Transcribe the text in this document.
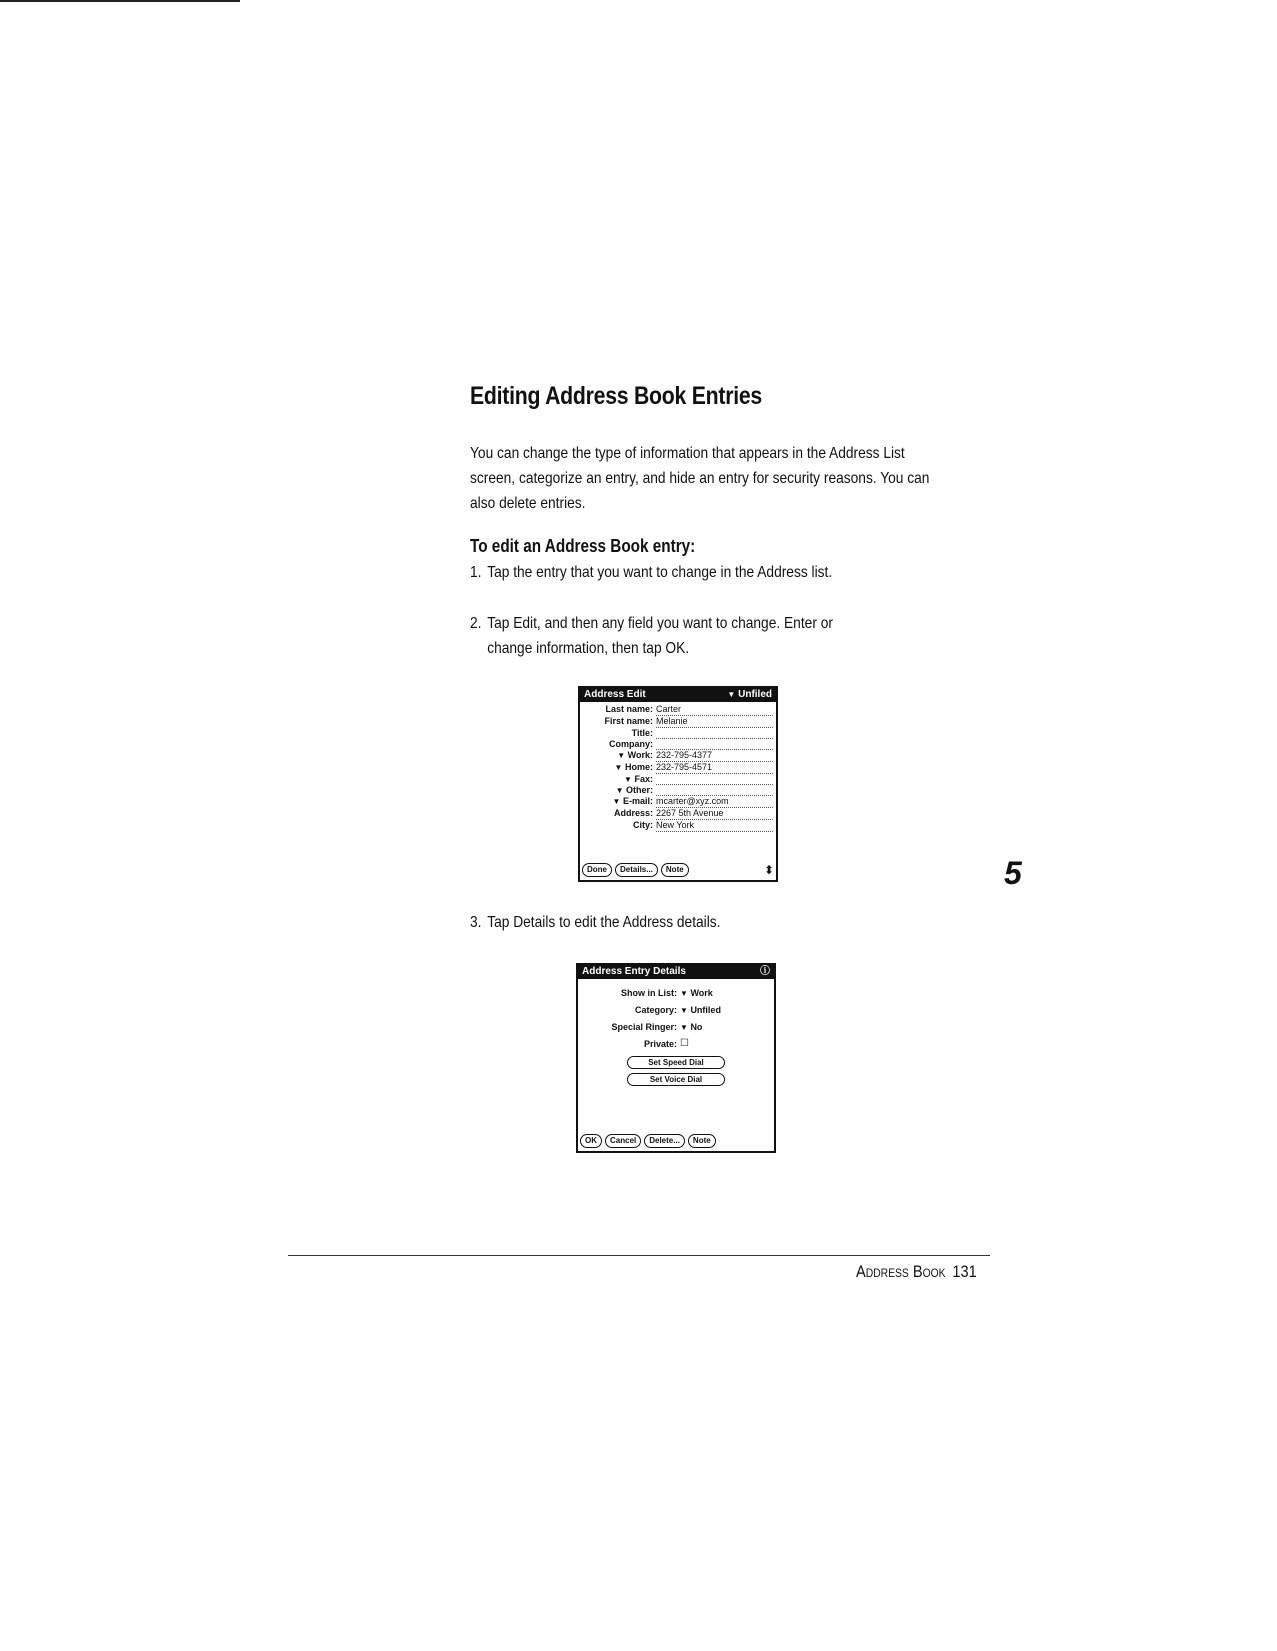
Editing Address Book Entries

You can change the type of information that appears in the Address List screen, categorize an entry, and hide an entry for security reasons. You can also delete entries.

To edit an Address Book entry:

1. Tap the entry that you want to change in the Address list.

2. Tap Edit, and then any field you want to change. Enter or
change information, then tap OK.

Address Edit	▼ Unfiled
Last name: Carter
First name: Melanie
Title:
Company:
▼ Work: 232-795-4377
▼ Home: 232-795-4571
▼ Fax:
▼ Other:
▼ E-mail: mcarter@xyz.com
Address: 2267 5th Avenue
City: New York
Done	Details...	Note	⬍

3. Tap Details to edit the Address details.

Address Entry Details	ⓘ
Show in List: ▼ Work
Category: ▼ Unfiled
Special Ringer: ▼ No
Private: ☐
Set Speed Dial
Set Voice Dial
OK	Cancel	Delete...	Note
5
Address Book 131
